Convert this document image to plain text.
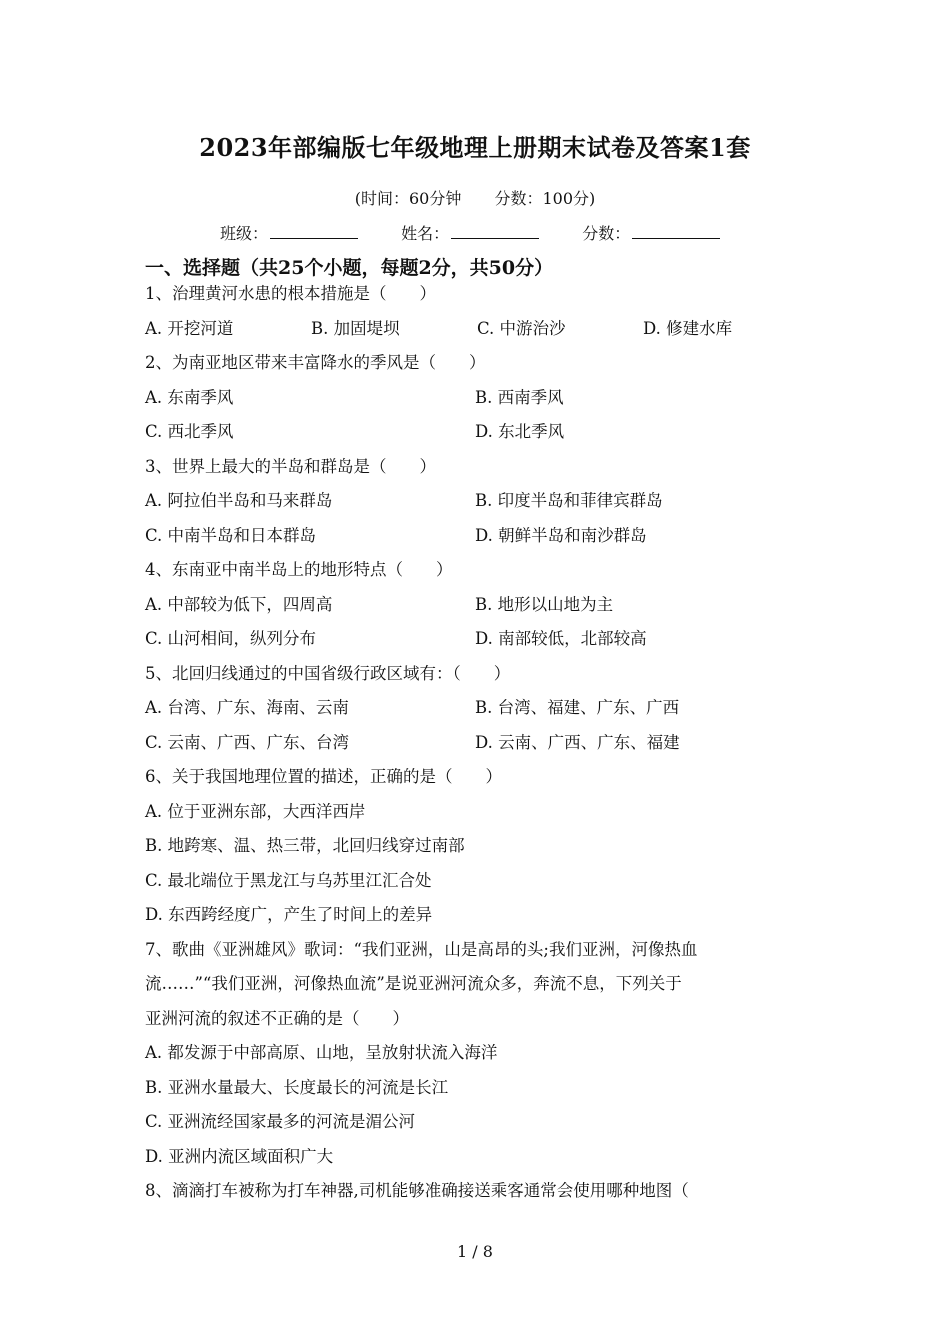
2023年部编版七年级地理上册期末试卷及答案1套
(时间：60分钟 分数：100分)
班级：	姓名：	分数：
一、选择题（共25个小题，每题2分，共50分）
1、治理黄河水患的根本措施是（　　）
A. 开挖河道	B. 加固堤坝	C. 中游治沙	D. 修建水库
2、为南亚地区带来丰富降水的季风是（　　）
A. 东南季风	B. 西南季风
C. 西北季风	D. 东北季风
3、世界上最大的半岛和群岛是（　　）
A. 阿拉伯半岛和马来群岛	B. 印度半岛和菲律宾群岛
C. 中南半岛和日本群岛	D. 朝鲜半岛和南沙群岛
4、东南亚中南半岛上的地形特点（　　）
A. 中部较为低下，四周高	B. 地形以山地为主
C. 山河相间，纵列分布	D. 南部较低，北部较高
5、北回归线通过的中国省级行政区域有：（　　）
A. 台湾、广东、海南、云南	B. 台湾、福建、广东、广西
C. 云南、广西、广东、台湾	D. 云南、广西、广东、福建
6、关于我国地理位置的描述，正确的是（　　）
A. 位于亚洲东部，大西洋西岸
B. 地跨寒、温、热三带，北回归线穿过南部
C. 最北端位于黑龙江与乌苏里江汇合处
D. 东西跨经度广，产生了时间上的差异
7、歌曲《亚洲雄风》歌词：“我们亚洲，山是高昂的头;我们亚洲，河像热血
流……”“我们亚洲，河像热血流”是说亚洲河流众多，奔流不息，下列关于
亚洲河流的叙述不正确的是（　　）
A. 都发源于中部高原、山地，呈放射状流入海洋
B. 亚洲水量最大、长度最长的河流是长江
C. 亚洲流经国家最多的河流是湄公河
D. 亚洲内流区域面积广大
8、滴滴打车被称为打车神器,司机能够准确接送乘客通常会使用哪种地图（
1 / 8
